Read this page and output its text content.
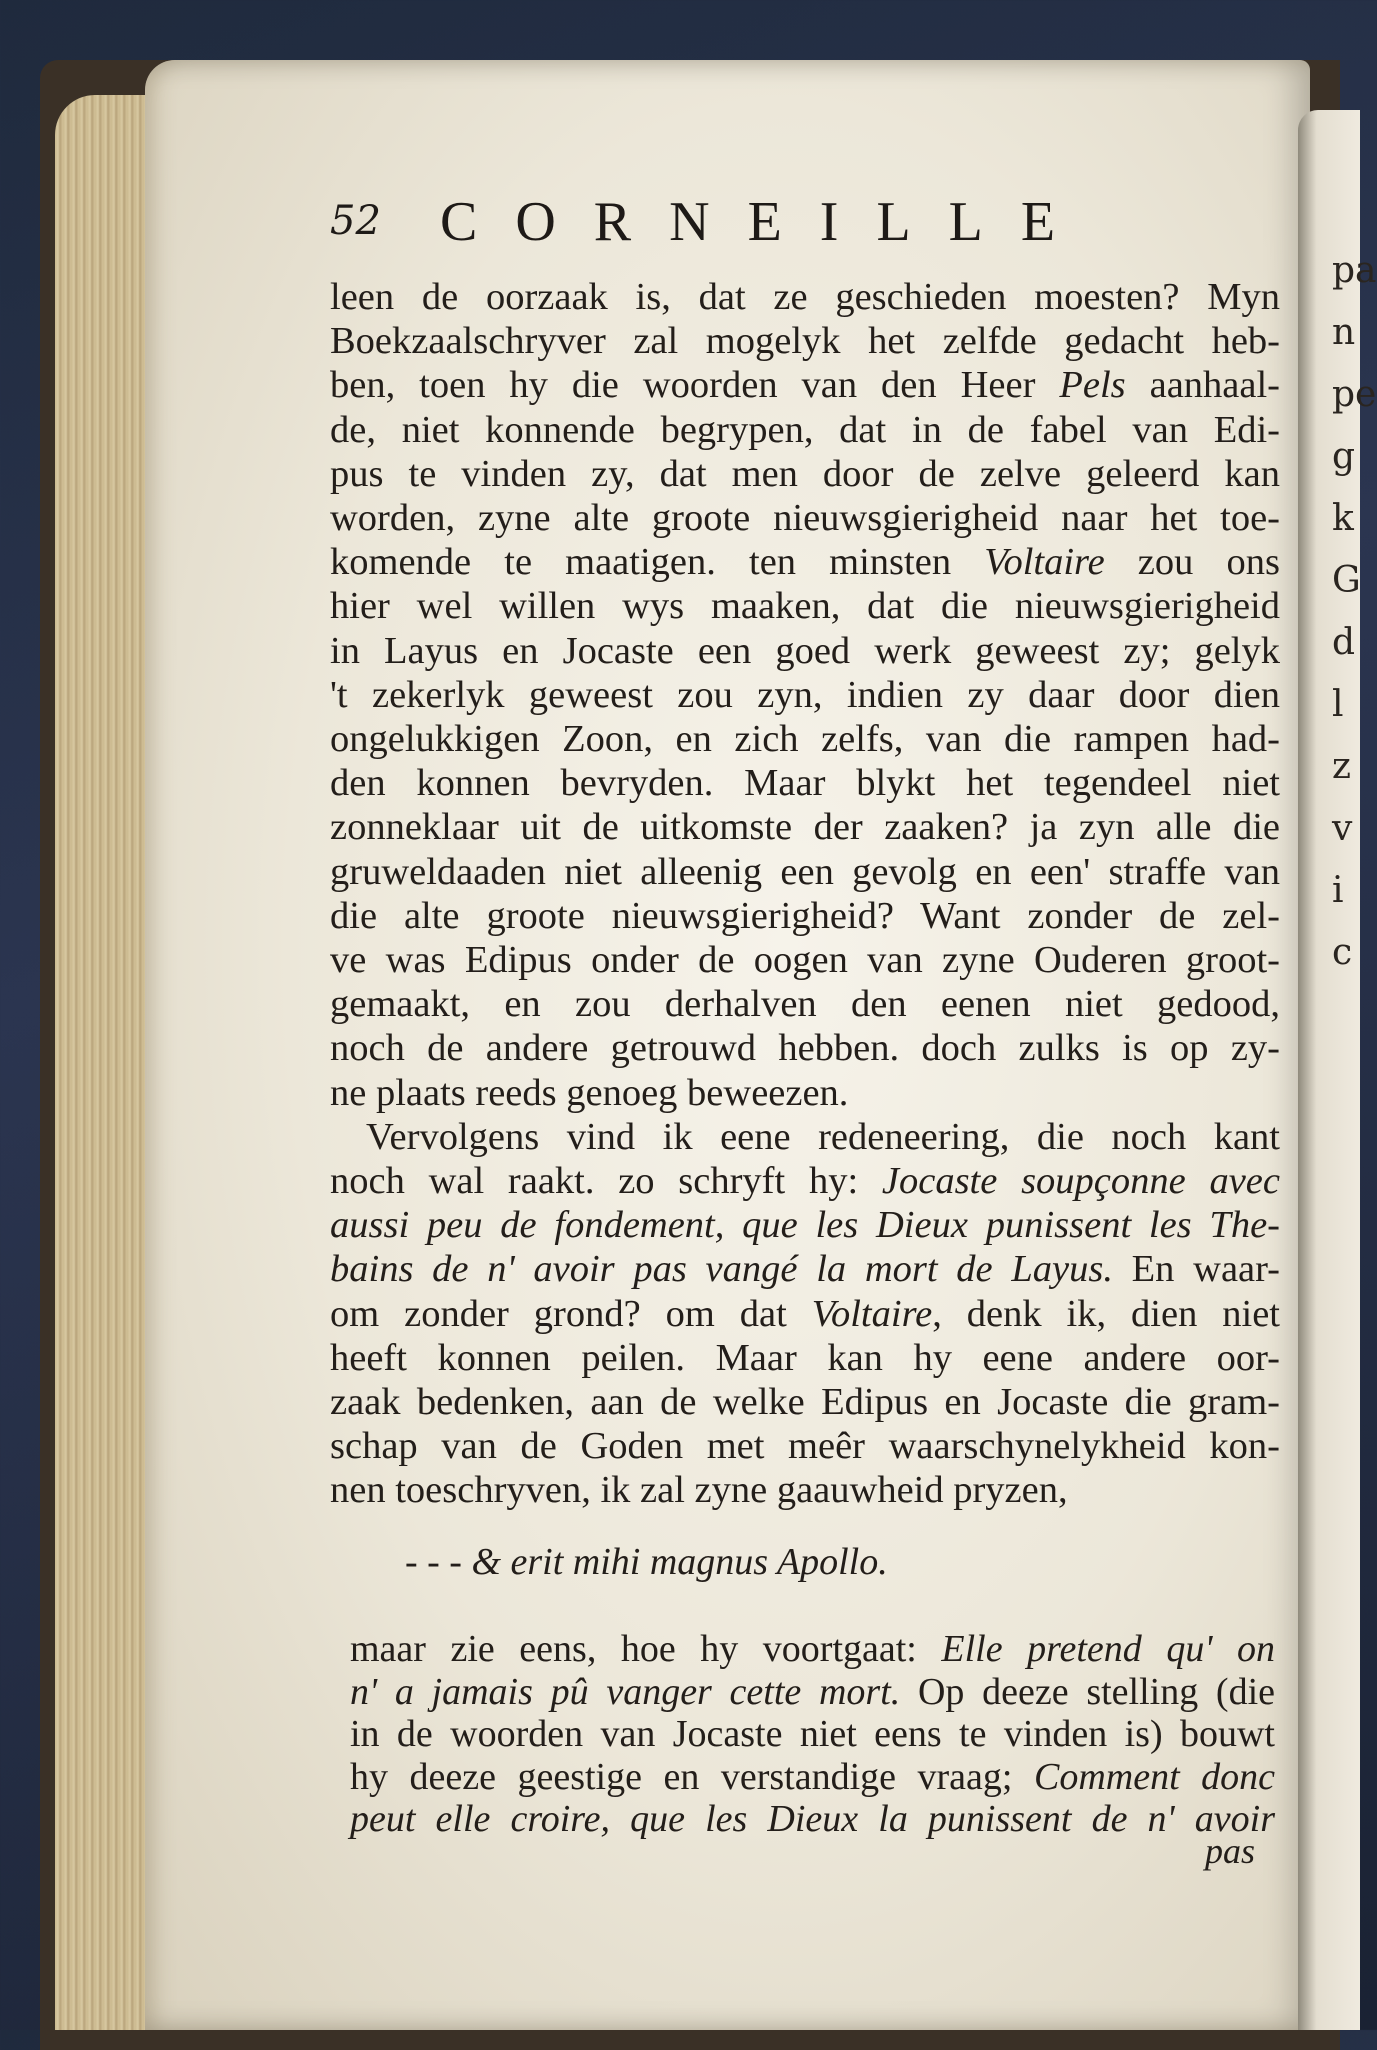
pa
n
pe
g
k
G
d
l
z
v
i
c
52 CORNEILLE
leen de oorzaak is, dat ze geschieden moesten? Myn
Boekzaalschryver zal mogelyk het zelfde gedacht heb-
ben, toen hy die woorden van den Heer Pels aanhaal-
de, niet konnende begrypen, dat in de fabel van Edi-
pus te vinden zy, dat men door de zelve geleerd kan
worden, zyne alte groote nieuwsgierigheid naar het toe-
komende te maatigen. ten minsten Voltaire zou ons
hier wel willen wys maaken, dat die nieuwsgierigheid
in Layus en Jocaste een goed werk geweest zy; gelyk
't zekerlyk geweest zou zyn, indien zy daar door dien
ongelukkigen Zoon, en zich zelfs, van die rampen had-
den konnen bevryden. Maar blykt het tegendeel niet
zonneklaar uit de uitkomste der zaaken? ja zyn alle die
gruweldaaden niet alleenig een gevolg en een' straffe van
die alte groote nieuwsgierigheid? Want zonder de zel-
ve was Edipus onder de oogen van zyne Ouderen groot-
gemaakt, en zou derhalven den eenen niet gedood,
noch de andere getrouwd hebben. doch zulks is op zy-
ne plaats reeds genoeg beweezen.
Vervolgens vind ik eene redeneering, die noch kant
noch wal raakt. zo schryft hy: Jocaste soupçonne avec
aussi peu de fondement, que les Dieux punissent les The-
bains de n' avoir pas vangé la mort de Layus. En waar-
om zonder grond? om dat Voltaire, denk ik, dien niet
heeft konnen peilen. Maar kan hy eene andere oor-
zaak bedenken, aan de welke Edipus en Jocaste die gram-
schap van de Goden met meêr waarschynelykheid kon-
nen toeschryven, ik zal zyne gaauwheid pryzen,
- - - & erit mihi magnus Apollo.
maar zie eens, hoe hy voortgaat: Elle pretend qu' on
n' a jamais pû vanger cette mort. Op deeze stelling (die
in de woorden van Jocaste niet eens te vinden is) bouwt
hy deeze geestige en verstandige vraag; Comment donc
peut elle croire, que les Dieux la punissent de n' avoir
pas
